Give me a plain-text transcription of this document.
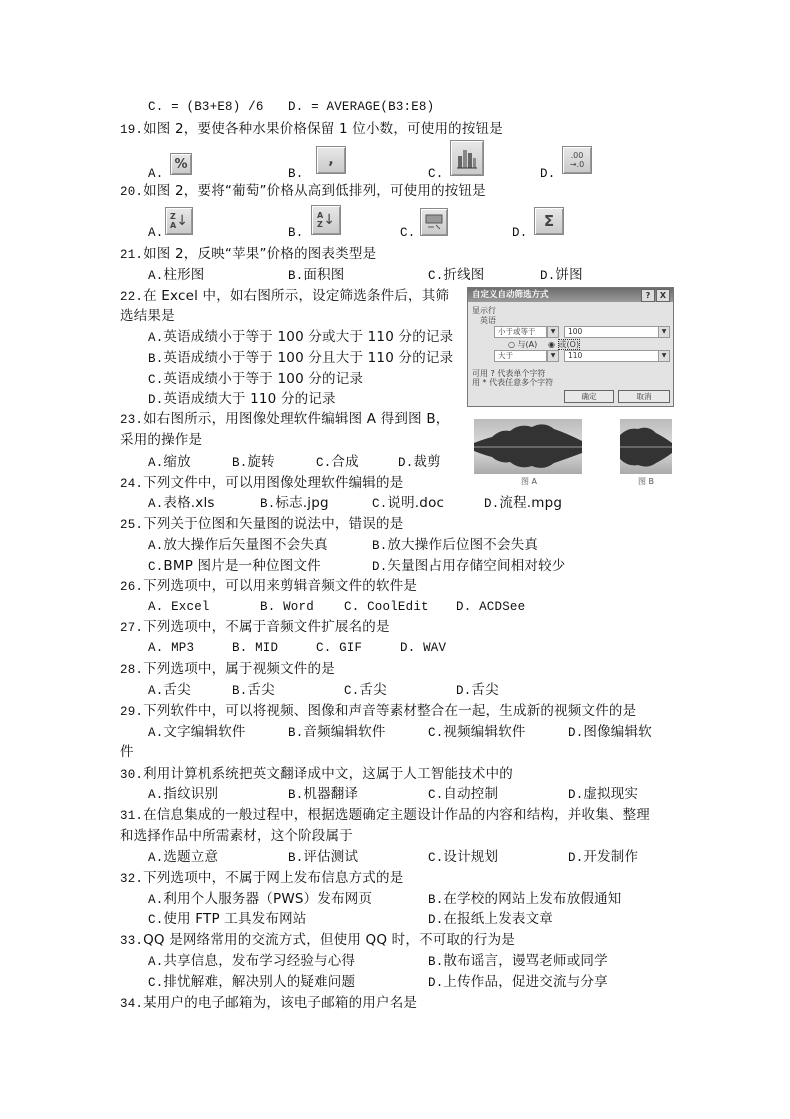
C. = (B3+E8) /6 D. = AVERAGE(B3:E8)
19.如图 2，要使各种水果价格保留 1 位小数，可使用的按钮是
A.
%
B.
,
C.	D.
.00
→.0
20.如图 2，要将“葡萄”价格从高到低排列，可使用的按钮是
A.
Z
A ↓
B.
A
Z ↓
C.	D.
Σ
21.如图 2，反映“苹果”价格的图表类型是
A.柱形图	B.面积图	C.折线图	D.饼图
22.在 Excel 中，如右图所示，设定筛选条件后，其筛
选结果是
A.英语成绩小于等于 100 分或大于 110 分的记录
B.英语成绩小于等于 100 分且大于 110 分的记录
C.英语成绩小于等于 100 分的记录
D.英语成绩大于 110 分的记录
自定义自动筛选方式	?	X
显示行
英语
小于或等于	▼	100	▼
○ 与(A) ◉ 或(O)
大于	▼	110	▼
可用 ? 代表单个字符
用 * 代表任意多个字符
确定	取消
23.如右图所示，用图像处理软件编辑图 A 得到图 B，
采用的操作是
A.缩放	B.旋转	C.合成	D.裁剪
图 A	图 B
24.下列文件中，可以用图像处理软件编辑的是
A.表格.xls	B.标志.jpg	C.说明.doc	D.流程.mpg
25.下列关于位图和矢量图的说法中，错误的是
A.放大操作后矢量图不会失真	B.放大操作后位图不会失真
C.BMP 图片是一种位图文件	D.矢量图占用存储空间相对较少
26.下列选项中，可以用来剪辑音频文件的软件是
A. Excel	B. Word C. CoolEdit D. ACDSee
27.下列选项中，不属于音频文件扩展名的是
A. MP3	B. MID	C. GIF	D. WAV
28.下列选项中，属于视频文件的是
A.舌尖	B.舌尖	C.舌尖	D.舌尖
29.下列软件中，可以将视频、图像和声音等素材整合在一起，生成新的视频文件的是
A.文字编辑软件	B.音频编辑软件	C.视频编辑软件	D.图像编辑软
件
30.利用计算机系统把英文翻译成中文，这属于人工智能技术中的
A.指纹识别	B.机器翻译	C.自动控制	D.虚拟现实
31.在信息集成的一般过程中，根据选题确定主题设计作品的内容和结构，并收集、整理
和选择作品中所需素材，这个阶段属于
A.选题立意	B.评估测试	C.设计规划	D.开发制作
32.下列选项中，不属于网上发布信息方式的是
A.利用个人服务器（PWS）发布网页	B.在学校的网站上发布放假通知
C.使用 FTP 工具发布网站	D.在报纸上发表文章
33.QQ 是网络常用的交流方式，但使用 QQ 时，不可取的行为是
A.共享信息，发布学习经验与心得	B.散布谣言，谩骂老师或同学
C.排忧解难，解决别人的疑难问题	D.上传作品，促进交流与分享
34.某用户的电子邮箱为，该电子邮箱的用户名是
